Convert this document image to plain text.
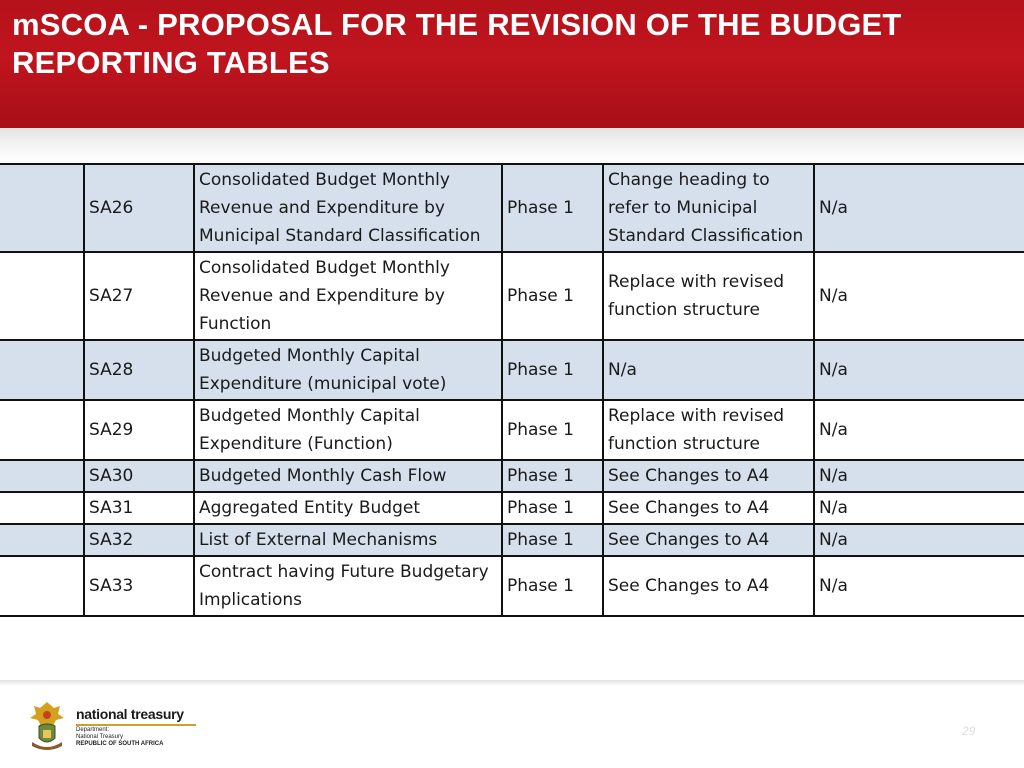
mSCOA - PROPOSAL FOR THE REVISION OF THE BUDGET REPORTING TABLES
	SA26	Consolidated Budget Monthly Revenue and Expenditure by Municipal Standard Classification	Phase 1	Change heading to refer to Municipal Standard Classification	N/a
	SA27	Consolidated Budget Monthly Revenue and Expenditure by Function	Phase 1	Replace with revised function structure	N/a
	SA28	Budgeted Monthly Capital Expenditure (municipal vote)	Phase 1	N/a	N/a
	SA29	Budgeted Monthly Capital Expenditure (Function)	Phase 1	Replace with revised function structure	N/a
	SA30	Budgeted Monthly Cash Flow	Phase 1	See Changes to A4	N/a
	SA31	Aggregated Entity Budget	Phase 1	See Changes to A4	N/a
	SA32	List of External Mechanisms	Phase 1	See Changes to A4	N/a
	SA33	Contract having Future Budgetary Implications	Phase 1	See Changes to A4	N/a
national treasury
Department:
National Treasury
REPUBLIC OF SOUTH AFRICA
29
